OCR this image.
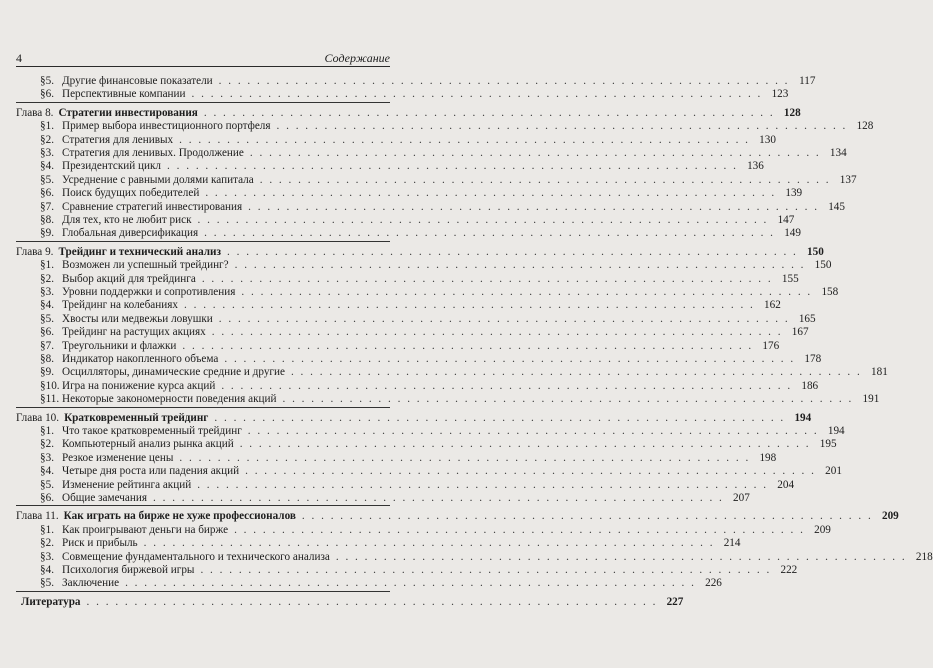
4	Содержание
§5. Другие финансовые показатели . . . . . . . . . . . . . . . . . . . . . . . . . . . . . . . . . . . . . . . . . . . . . . . . . . . . . . . . . . . . 117
§6. Перспективные компании . . . . . . . . . . . . . . . . . . . . . . . . . . . . . . . . . . . . . . . . . . . . . . . . . . . . . . . . . . . . 123
Глава 8. Стратегии инвестирования . . . . . . . . . . . . . . . . . . . . . . . . . . . . . . . . . . . . . . . . . . . . . . . . . . . . . . . . . . . . 128
§1. Пример выбора инвестиционного портфеля . . . . . . . . . . . . . . . . . . . . . . . . . . . . . . . . . . . . . . . . . . . . . . . . . . . . . . . . . . . . 128
§2. Стратегия для ленивых . . . . . . . . . . . . . . . . . . . . . . . . . . . . . . . . . . . . . . . . . . . . . . . . . . . . . . . . . . . . 130
§3. Стратегия для ленивых. Продолжение . . . . . . . . . . . . . . . . . . . . . . . . . . . . . . . . . . . . . . . . . . . . . . . . . . . . . . . . . . . . 134
§4. Президентский цикл . . . . . . . . . . . . . . . . . . . . . . . . . . . . . . . . . . . . . . . . . . . . . . . . . . . . . . . . . . . . 136
§5. Усреднение с равными долями капитала . . . . . . . . . . . . . . . . . . . . . . . . . . . . . . . . . . . . . . . . . . . . . . . . . . . . . . . . . . . . 137
§6. Поиск будущих победителей . . . . . . . . . . . . . . . . . . . . . . . . . . . . . . . . . . . . . . . . . . . . . . . . . . . . . . . . . . . . 139
§7. Сравнение стратегий инвестирования . . . . . . . . . . . . . . . . . . . . . . . . . . . . . . . . . . . . . . . . . . . . . . . . . . . . . . . . . . . . 145
§8. Для тех, кто не любит риск . . . . . . . . . . . . . . . . . . . . . . . . . . . . . . . . . . . . . . . . . . . . . . . . . . . . . . . . . . . . 147
§9. Глобальная диверсификация . . . . . . . . . . . . . . . . . . . . . . . . . . . . . . . . . . . . . . . . . . . . . . . . . . . . . . . . . . . . 149
Глава 9. Трейдинг и технический анализ . . . . . . . . . . . . . . . . . . . . . . . . . . . . . . . . . . . . . . . . . . . . . . . . . . . . . . . . . . . . 150
§1. Возможен ли успешный трейдинг? . . . . . . . . . . . . . . . . . . . . . . . . . . . . . . . . . . . . . . . . . . . . . . . . . . . . . . . . . . . . 150
§2. Выбор акций для трейдинга . . . . . . . . . . . . . . . . . . . . . . . . . . . . . . . . . . . . . . . . . . . . . . . . . . . . . . . . . . . . 155
§3. Уровни поддержки и сопротивления . . . . . . . . . . . . . . . . . . . . . . . . . . . . . . . . . . . . . . . . . . . . . . . . . . . . . . . . . . . . 158
§4. Трейдинг на колебаниях . . . . . . . . . . . . . . . . . . . . . . . . . . . . . . . . . . . . . . . . . . . . . . . . . . . . . . . . . . . . 162
§5. Хвосты или медвежьи ловушки . . . . . . . . . . . . . . . . . . . . . . . . . . . . . . . . . . . . . . . . . . . . . . . . . . . . . . . . . . . . 165
§6. Трейдинг на растущих акциях . . . . . . . . . . . . . . . . . . . . . . . . . . . . . . . . . . . . . . . . . . . . . . . . . . . . . . . . . . . . 167
§7. Треугольники и флажки . . . . . . . . . . . . . . . . . . . . . . . . . . . . . . . . . . . . . . . . . . . . . . . . . . . . . . . . . . . . 176
§8. Индикатор накопленного объема . . . . . . . . . . . . . . . . . . . . . . . . . . . . . . . . . . . . . . . . . . . . . . . . . . . . . . . . . . . . 178
§9. Осцилляторы, динамические средние и другие . . . . . . . . . . . . . . . . . . . . . . . . . . . . . . . . . . . . . . . . . . . . . . . . . . . . . . . . . . . . 181
§10. Игра на понижение курса акций . . . . . . . . . . . . . . . . . . . . . . . . . . . . . . . . . . . . . . . . . . . . . . . . . . . . . . . . . . . . 186
§11. Некоторые закономерности поведения акций . . . . . . . . . . . . . . . . . . . . . . . . . . . . . . . . . . . . . . . . . . . . . . . . . . . . . . . . . . . . 191
Глава 10. Кратковременный трейдинг . . . . . . . . . . . . . . . . . . . . . . . . . . . . . . . . . . . . . . . . . . . . . . . . . . . . . . . . . . . . 194
§1. Что такое кратковременный трейдинг . . . . . . . . . . . . . . . . . . . . . . . . . . . . . . . . . . . . . . . . . . . . . . . . . . . . . . . . . . . . 194
§2. Компьютерный анализ рынка акций . . . . . . . . . . . . . . . . . . . . . . . . . . . . . . . . . . . . . . . . . . . . . . . . . . . . . . . . . . . . 195
§3. Резкое изменение цены . . . . . . . . . . . . . . . . . . . . . . . . . . . . . . . . . . . . . . . . . . . . . . . . . . . . . . . . . . . . 198
§4. Четыре дня роста или падения акций . . . . . . . . . . . . . . . . . . . . . . . . . . . . . . . . . . . . . . . . . . . . . . . . . . . . . . . . . . . . 201
§5. Изменение рейтинга акций . . . . . . . . . . . . . . . . . . . . . . . . . . . . . . . . . . . . . . . . . . . . . . . . . . . . . . . . . . . . 204
§6. Общие замечания . . . . . . . . . . . . . . . . . . . . . . . . . . . . . . . . . . . . . . . . . . . . . . . . . . . . . . . . . . . . 207
Глава 11. Как играть на бирже не хуже профессионалов . . . . . . . . . . . . . . . . . . . . . . . . . . . . . . . . . . . . . . . . . . . . . . . . . . . . . . . . . . . . 209
§1. Как проигрывают деньги на бирже . . . . . . . . . . . . . . . . . . . . . . . . . . . . . . . . . . . . . . . . . . . . . . . . . . . . . . . . . . . . 209
§2. Риск и прибыль . . . . . . . . . . . . . . . . . . . . . . . . . . . . . . . . . . . . . . . . . . . . . . . . . . . . . . . . . . . . 214
§3. Совмещение фундаментального и технического анализа . . . . . . . . . . . . . . . . . . . . . . . . . . . . . . . . . . . . . . . . . . . . . . . . . . . . . . . . . . . . 218
§4. Психология биржевой игры . . . . . . . . . . . . . . . . . . . . . . . . . . . . . . . . . . . . . . . . . . . . . . . . . . . . . . . . . . . . 222
§5. Заключение . . . . . . . . . . . . . . . . . . . . . . . . . . . . . . . . . . . . . . . . . . . . . . . . . . . . . . . . . . . . 226
Литература . . . . . . . . . . . . . . . . . . . . . . . . . . . . . . . . . . . . . . . . . . . . . . . . . . . . . . . . . . . . 227
